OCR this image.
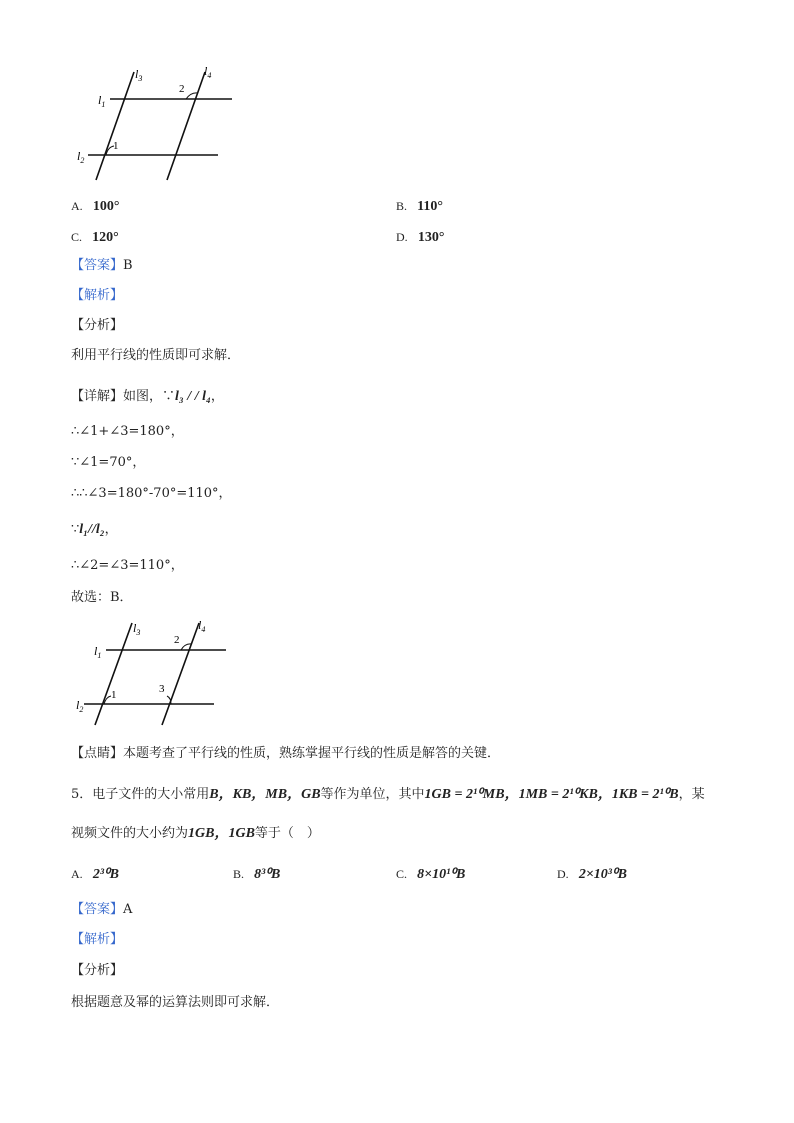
$l_1$
$l_2$
$l_3$
$l_4$
1
2
A. 100°	B. 110°
C. 120°	D. 130°
【答案】B
【解析】
【分析】
利用平行线的性质即可求解．
【详解】如图，∵l₃ / / l₄，
∴∠1+∠3=180°，
∵∠1=70°，
∴∴∠3=180°-70°=110°，
∵l₁//l₂，
∴∠2=∠3=110°，
故选：B．
$l_1$
$l_2$
$l_3$
$l_4$
1
2
3
【点睛】本题考查了平行线的性质，熟练掌握平行线的性质是解答的关键．
5．电子文件的大小常用B，KB，MB，GB等作为单位，其中1GB = 2¹⁰MB，1MB = 2¹⁰KB，1KB = 2¹⁰B，某
视频文件的大小约为1GB，1GB等于（　）
A. 2³⁰B	B. 8³⁰B	C. 8×10¹⁰B	D. 2×10³⁰B
【答案】A
【解析】
【分析】
根据题意及幂的运算法则即可求解．
